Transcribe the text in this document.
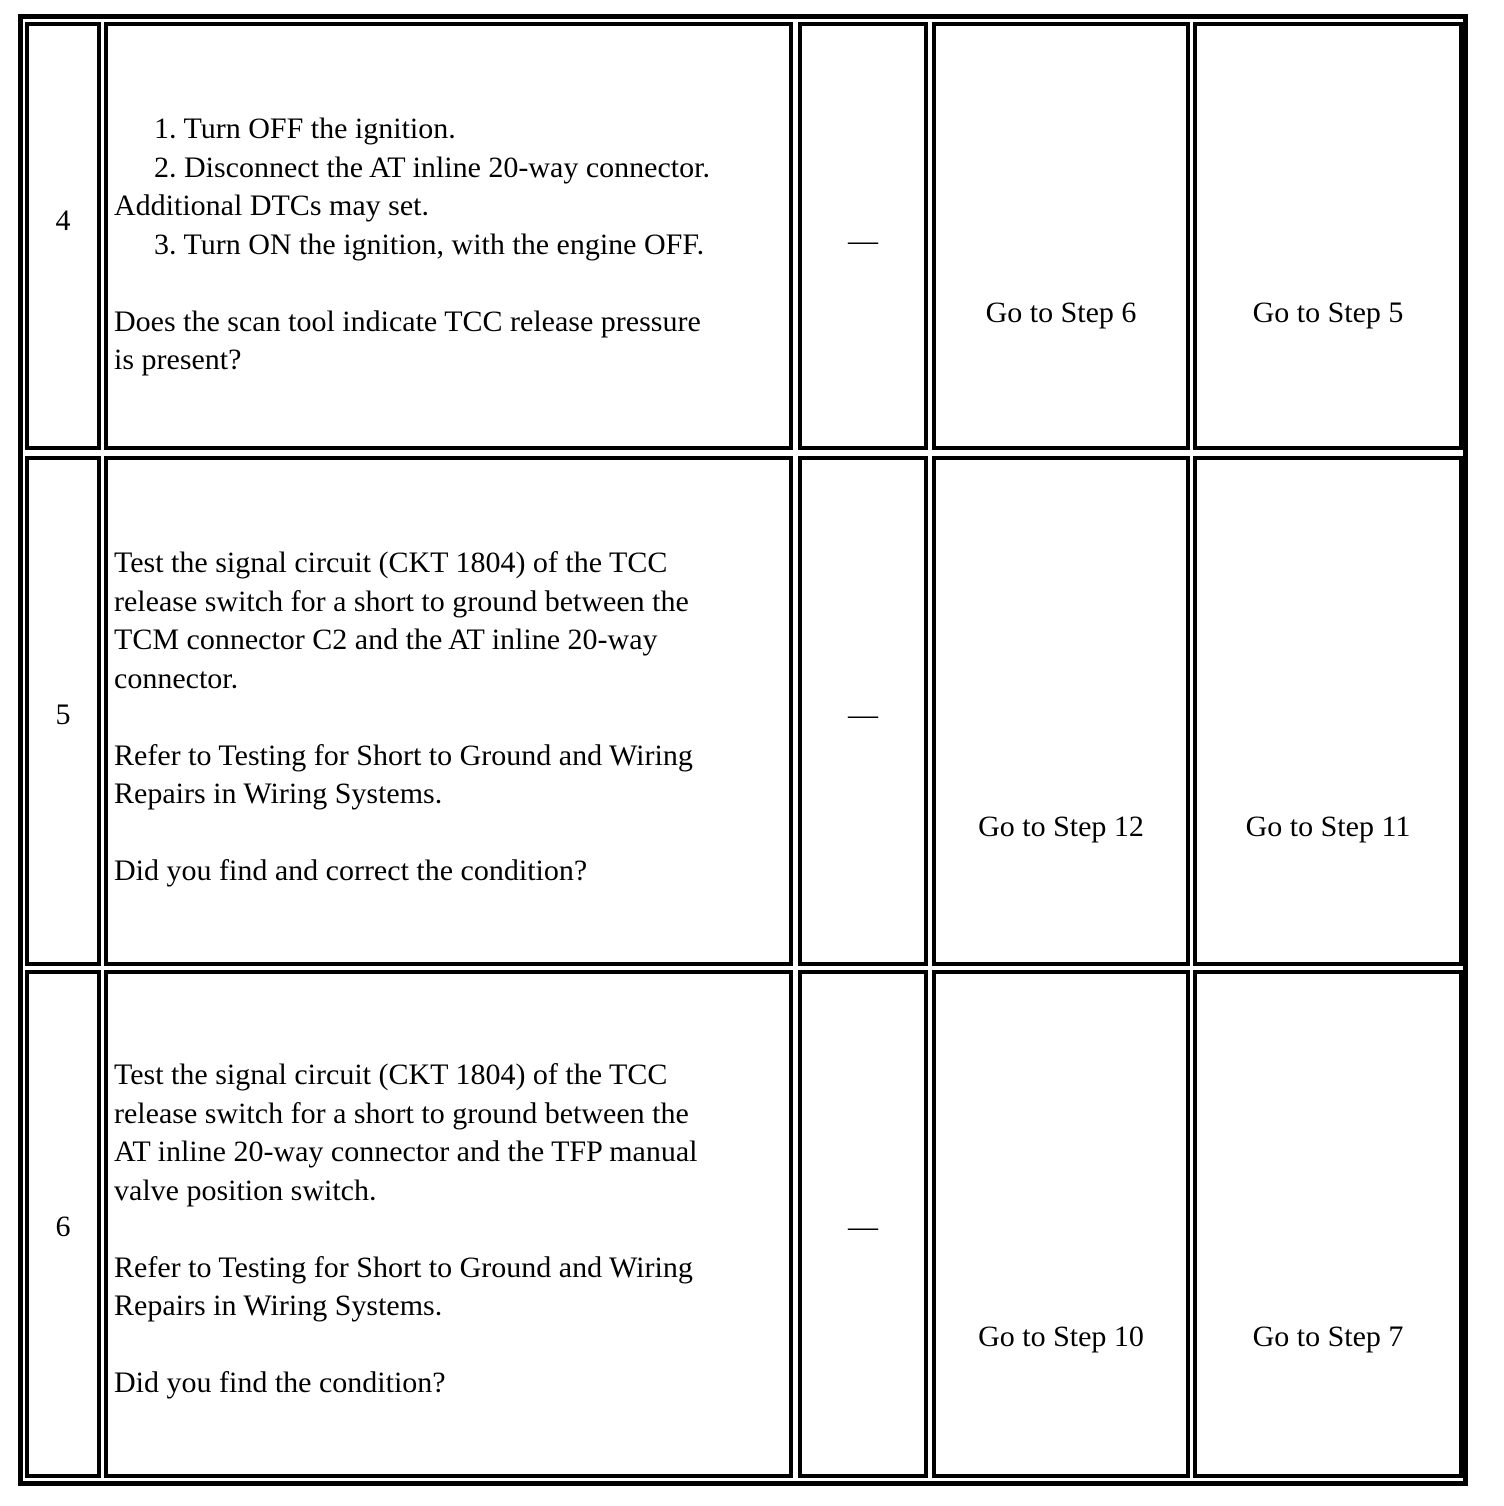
4

1. Turn OFF the ignition.

2. Disconnect the AT inline 20-way connector.

Additional DTCs may set.

3. Turn ON the ignition, with the engine OFF.

Does the scan tool indicate TCC release pressure

is present?

—
Go to Step 6	Go to Step 5
5

Test the signal circuit (CKT 1804) of the TCC

release switch for a short to ground between the

TCM connector C2 and the AT inline 20-way

connector.

Refer to Testing for Short to Ground and Wiring

Repairs in Wiring Systems.

Did you find and correct the condition?

—
Go to Step 12	Go to Step 11
6

Test the signal circuit (CKT 1804) of the TCC

release switch for a short to ground between the

AT inline 20-way connector and the TFP manual

valve position switch.

Refer to Testing for Short to Ground and Wiring

Repairs in Wiring Systems.

Did you find the condition?

—
Go to Step 10	Go to Step 7
